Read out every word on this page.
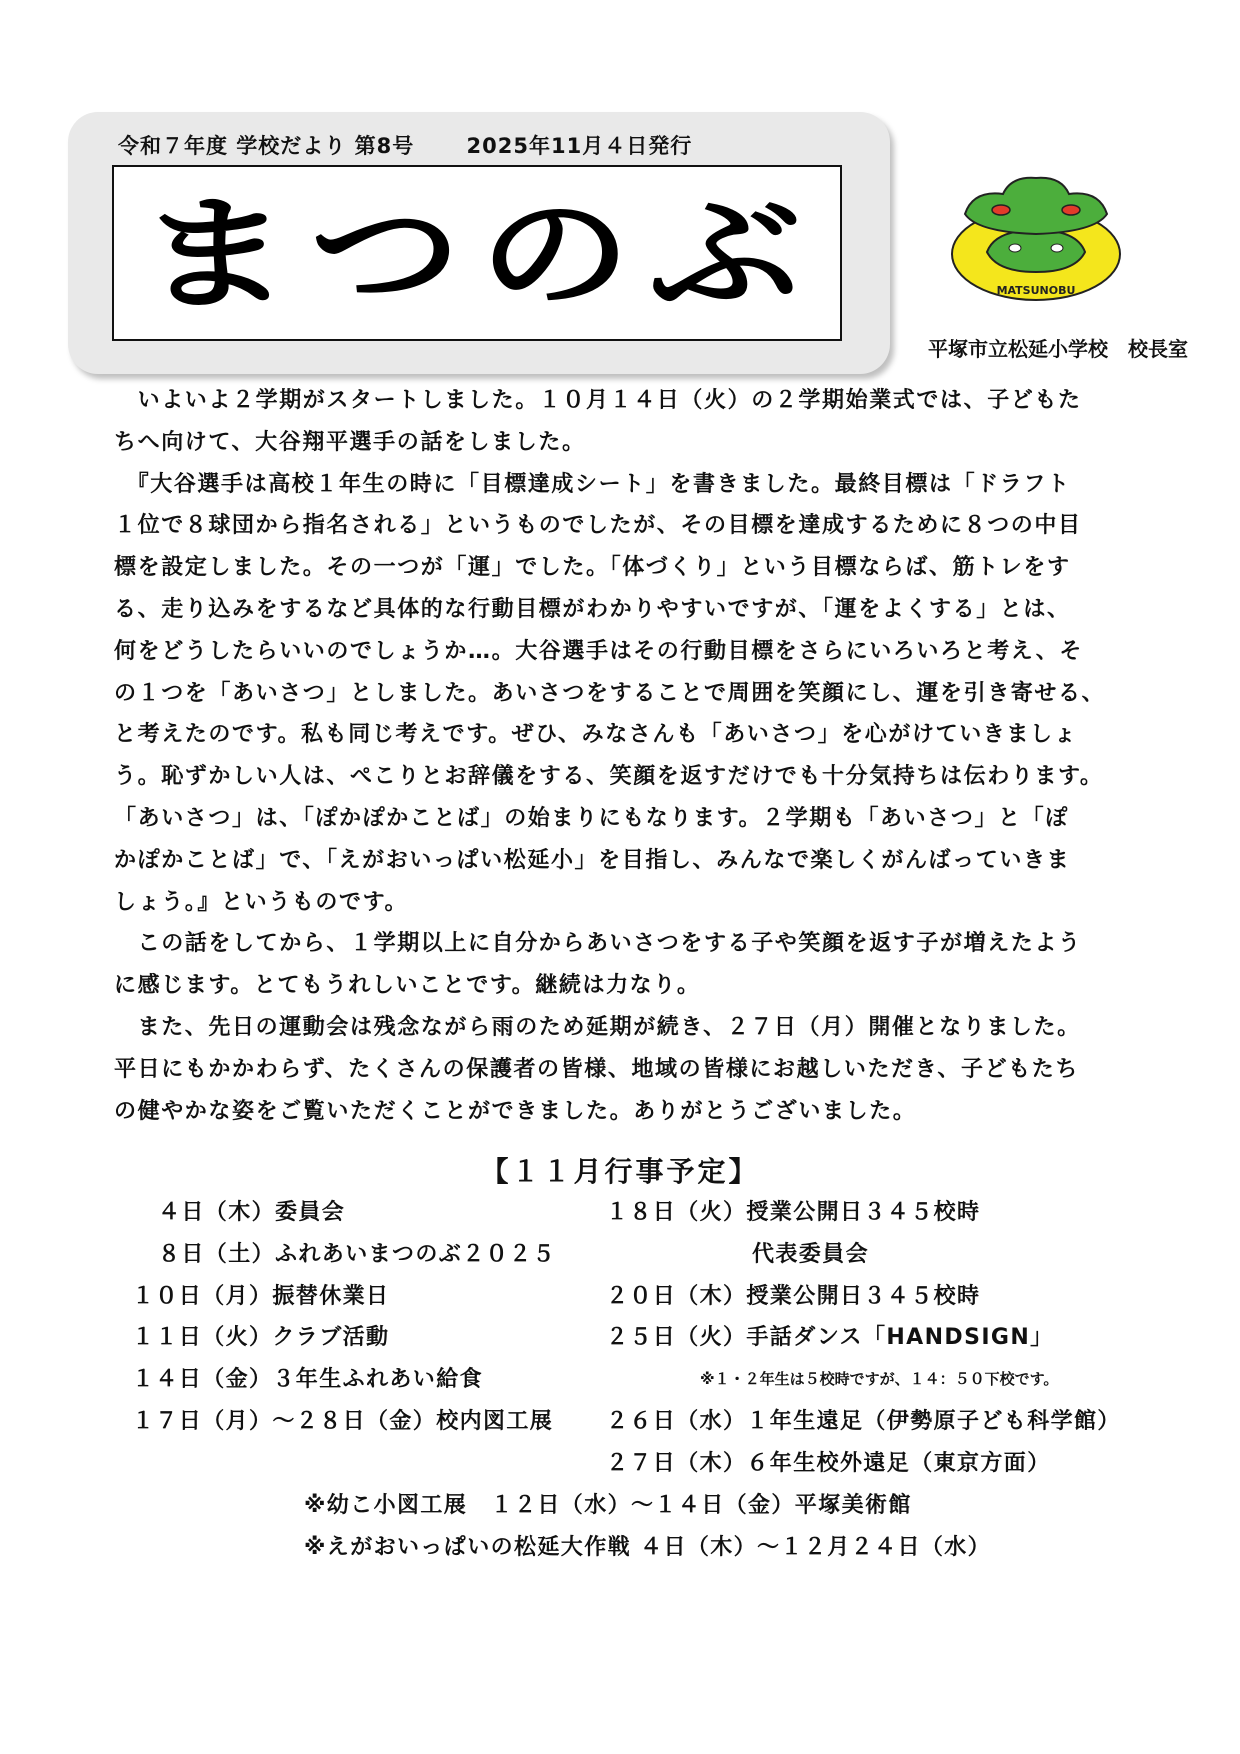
令和７年度 学校だより 第8号　　 2025年11月４日発行
まつのぶ	MATSUNOBU
平塚市立松延小学校　校長室
　いよいよ２学期がスタートしました。１０月１４日（火）の２学期始業式では、子どもた
ちへ向けて、大谷翔平選手の話をしました。
　『大谷選手は高校１年生の時に「目標達成シート」を書きました。最終目標は「ドラフト
１位で８球団から指名される」というものでしたが、その目標を達成するために８つの中目
標を設定しました。その一つが「運」でした。「体づくり」という目標ならば、筋トレをす
る、走り込みをするなど具体的な行動目標がわかりやすいですが、「運をよくする」とは、
何をどうしたらいいのでしょうか…。大谷選手はその行動目標をさらにいろいろと考え、そ
の１つを「あいさつ」としました。あいさつをすることで周囲を笑顔にし、運を引き寄せる、
と考えたのです。私も同じ考えです。ぜひ、みなさんも「あいさつ」を心がけていきましょ
う。恥ずかしい人は、ぺこりとお辞儀をする、笑顔を返すだけでも十分気持ちは伝わります。
「あいさつ」は、「ぽかぽかことば」の始まりにもなります。２学期も「あいさつ」と「ぽ
かぽかことば」で、「えがおいっぱい松延小」を目指し、みんなで楽しくがんばっていきま
しょう。』というものです。
　この話をしてから、１学期以上に自分からあいさつをする子や笑顔を返す子が増えたよう
に感じます。とてもうれしいことです。継続は力なり。
　また、先日の運動会は残念ながら雨のため延期が続き、２７日（月）開催となりました。
平日にもかかわらず、たくさんの保護者の皆様、地域の皆様にお越しいただき、子どもたち
の健やかな姿をご覧いただくことができました。ありがとうございました。
【１１月行事予定】
４日（木）委員会
８日（土）ふれあいまつのぶ２０２５
１０日（月）振替休業日
１１日（火）クラブ活動
１４日（金）３年生ふれあい給食
１７日（月）～２８日（金）校内図工展
１８日（火）授業公開日３４５校時
代表委員会
２０日（木）授業公開日３４５校時
２５日（火）手話ダンス「HANDSIGN」
※１・２年生は５校時ですが、１４：５０下校です。
２６日（水）１年生遠足（伊勢原子ども科学館）
２７日（木）６年生校外遠足（東京方面）
※幼こ小図工展　１２日（水）～１４日（金）平塚美術館
※えがおいっぱいの松延大作戦 ４日（木）～１２月２４日（水）
